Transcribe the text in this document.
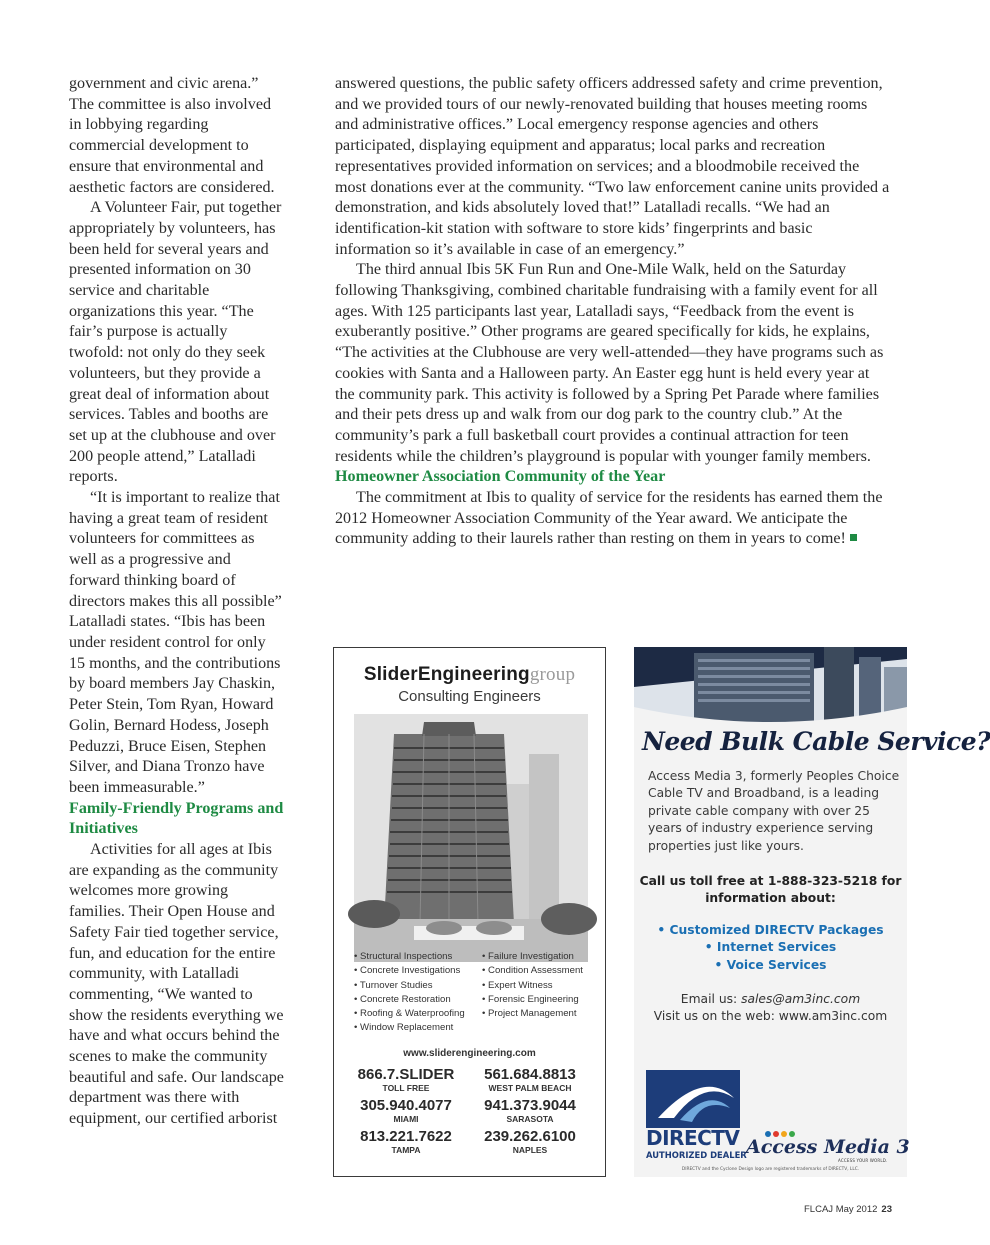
government and civic arena.” The committee is also involved in lobbying regarding commercial development to ensure that environmental and aesthetic factors are considered.

A Volunteer Fair, put together appropriately by volunteers, has been held for several years and presented information on 30 service and charitable organizations this year. “The fair’s purpose is actually twofold: not only do they seek volunteers, but they provide a great deal of information about services. Tables and booths are set up at the clubhouse and over 200 people attend,” Latalladi reports.

“It is important to realize that having a great team of resident volunteers for committees as well as a progressive and forward thinking board of directors makes this all possible” Latalladi states. “Ibis has been under resident control for only 15 months, and the contributions by board members Jay Chaskin, Peter Stein, Tom Ryan, Howard Golin, Bernard Hodess, Joseph Peduzzi, Bruce Eisen, Stephen Silver, and Diana Tronzo have been immeasurable.”

Family-Friendly Programs and Initiatives

Activities for all ages at Ibis are expanding as the community welcomes more growing families. Their Open House and Safety Fair tied together service, fun, and education for the entire community, with Latalladi commenting, “We wanted to show the residents everything we have and what occurs behind the scenes to make the community beautiful and safe. Our landscape department was there with equipment, our certified arborist

answered questions, the public safety officers addressed safety and crime prevention, and we provided tours of our newly-renovated building that houses meeting rooms and administrative offices.” Local emergency response agencies and others participated, displaying equipment and apparatus; local parks and recreation representatives provided information on services; and a bloodmobile received the most donations ever at the community. “Two law enforcement canine units provided a demonstration, and kids absolutely loved that!” Latalladi recalls. “We had an identification-kit station with software to store kids’ fingerprints and basic information so it’s available in case of an emergency.”

The third annual Ibis 5K Fun Run and One-Mile Walk, held on the Saturday following Thanksgiving, combined charitable fundraising with a family event for all ages. With 125 participants last year, Latalladi says, “Feedback from the event is exuberantly positive.” Other programs are geared specifically for kids, he explains, “The activities at the Clubhouse are very well-attended—they have programs such as cookies with Santa and a Halloween party. An Easter egg hunt is held every year at the community park. This activity is followed by a Spring Pet Parade where families and their pets dress up and walk from our dog park to the country club.” At the community’s park a full basketball court provides a continual attraction for teen residents while the children’s playground is popular with younger family members.

Homeowner Association Community of the Year

The commitment at Ibis to quality of service for the residents has earned them the 2012 Homeowner Association Community of the Year award. We anticipate the community adding to their laurels rather than resting on them in years to come!

SliderEngineeringgroup
Consulting Engineers
• Structural Inspections
• Concrete Investigations
• Turnover Studies
• Concrete Restoration
• Roofing & Waterproofing
• Window Replacement
• Failure Investigation
• Condition Assessment
• Expert Witness
• Forensic Engineering
• Project Management
www.sliderengineering.com
866.7.SLIDER
TOLL FREE
561.684.8813
WEST PALM BEACH
305.940.4077
MIAMI
941.373.9044
SARASOTA
813.221.7622
TAMPA
239.262.6100
NAPLES
Need Bulk Cable Service?
Access Media 3, formerly Peoples Choice Cable TV and Broadband, is a leading private cable company with over 25 years of industry experience serving properties just like yours.
Call us toll free at 1-888-323-5218 for information about:
• Customized DIRECTV Packages
• Internet Services
• Voice Services
Email us: sales@am3inc.com
Visit us on the web: www.am3inc.com
DIRECTV
AUTHORIZED DEALER Access Media 3
ACCESS YOUR WORLD.
DIRECTV and the Cyclone Design logo are registered trademarks of DIRECTV, LLC.
FLCAJ May 2012 23
